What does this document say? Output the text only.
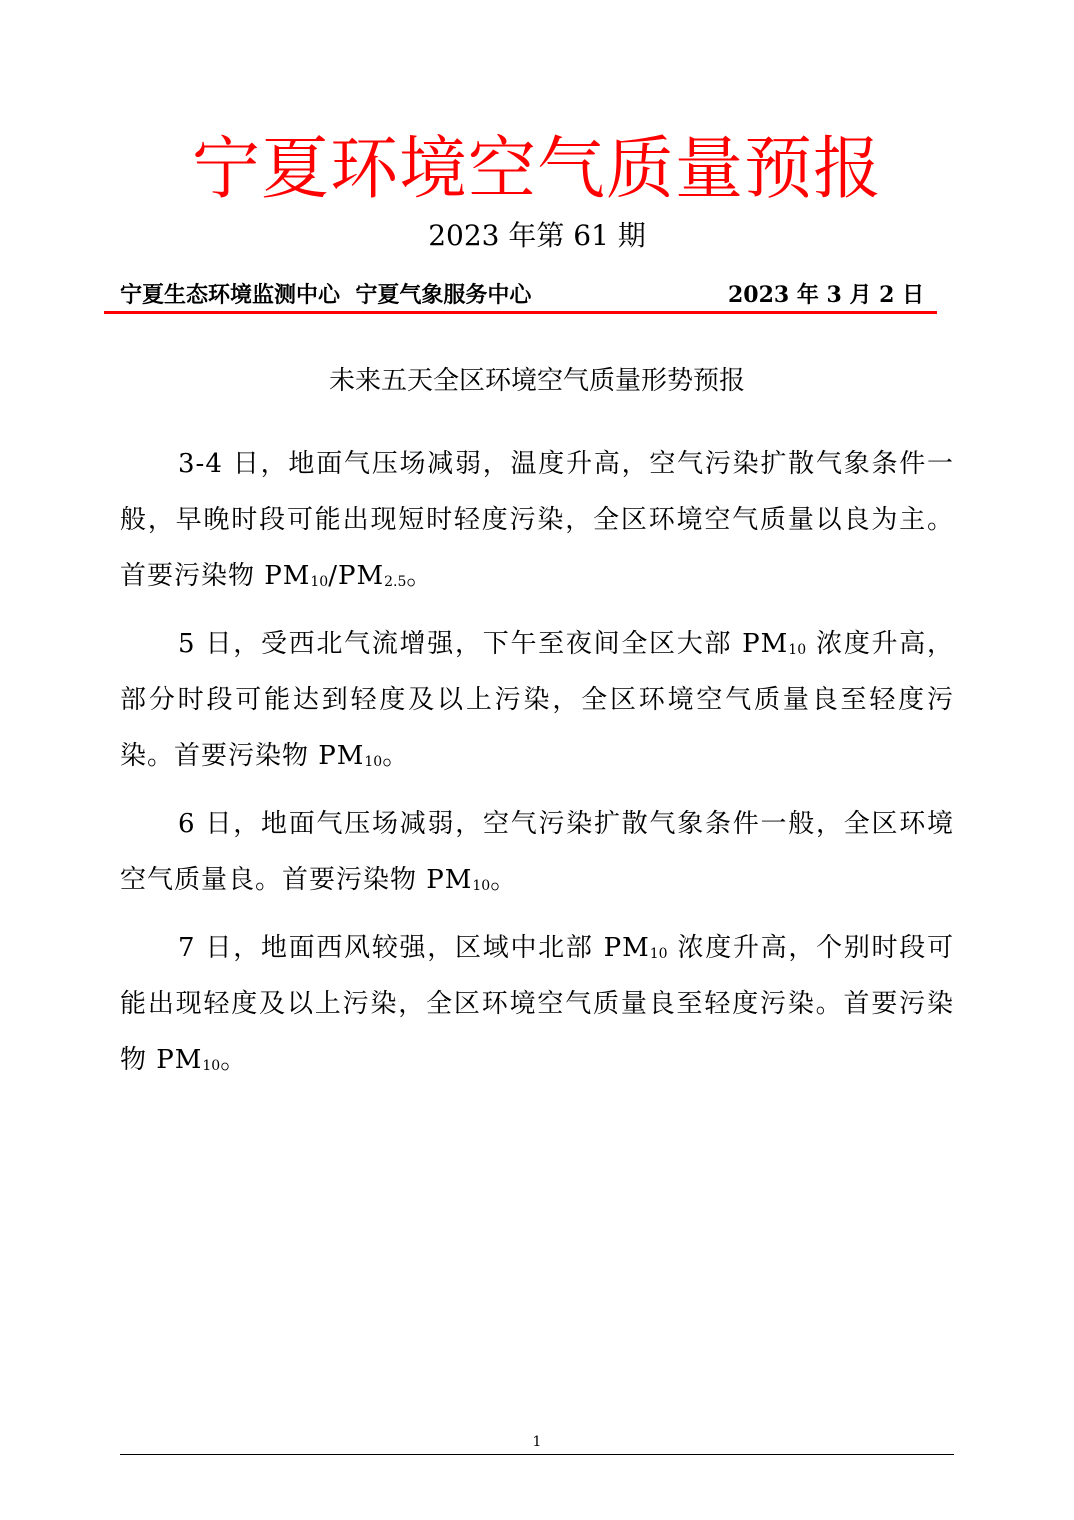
宁夏环境空气质量预报
2023 年第 61 期
宁夏生态环境监测中心  宁夏气象服务中心	2023 年 3 月 2 日
未来五天全区环境空气质量形势预报
3-4 日，地面气压场减弱，温度升高，空气污染扩散气象条件一般，早晚时段可能出现短时轻度污染，全区环境空气质量以良为主。首要污染物 $PM_{10}/PM_{2.5}$。
5 日，受西北气流增强，下午至夜间全区大部 $PM_{10}$ 浓度升高，部分时段可能达到轻度及以上污染，全区环境空气质量良至轻度污染。首要污染物 $PM_{10}$。
6 日，地面气压场减弱，空气污染扩散气象条件一般，全区环境空气质量良。首要污染物 $PM_{10}$。
7 日，地面西风较强，区域中北部 $PM_{10}$ 浓度升高，个别时段可能出现轻度及以上污染，全区环境空气质量良至轻度污染。首要污染物 $PM_{10}$。
1
